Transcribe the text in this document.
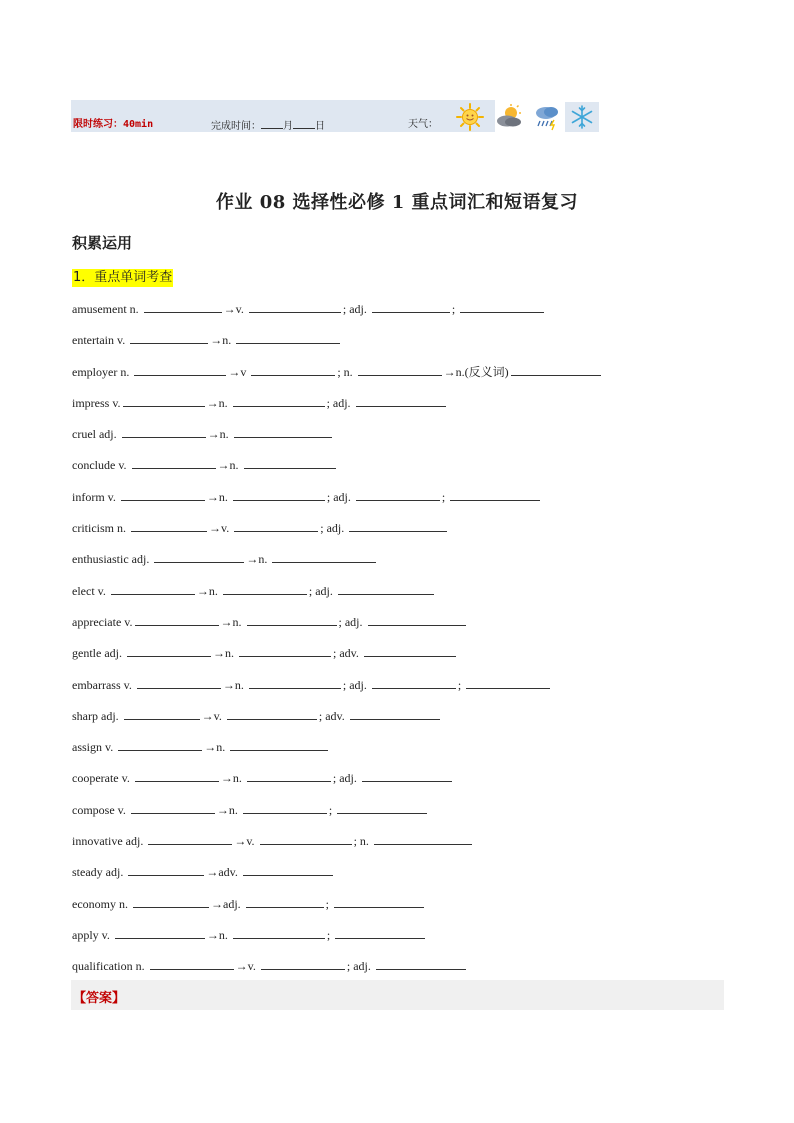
限时练习：40min	完成时间： 月 日	天气：
作业 08 选择性必修 1 重点词汇和短语复习
积累运用
1．重点单词考查
amusement n.	→v.	; adj.	;
entertain v.	→n.
employer n.	→v	; n.	→n.(反义词)
impress v.	→n.	; adj.
cruel adj.	→n.
conclude v.	→n.
inform v.	→n.	; adj.	;
criticism n.	→v.	; adj.
enthusiastic adj.	→n.
elect v.	→n.	; adj.
appreciate v.	→n.	; adj.
gentle adj.	→n.	; adv.
embarrass v.	→n.	; adj.	;
sharp adj.	→v.	; adv.
assign v.	→n.
cooperate v.	→n.	; adj.
compose v.	→n.	;
innovative adj.	→v.	; n.
steady adj.	→adv.
economy n.	→adj.	;
apply v.	→n.	;
qualification n.	→v.	; adj.
【答案】
